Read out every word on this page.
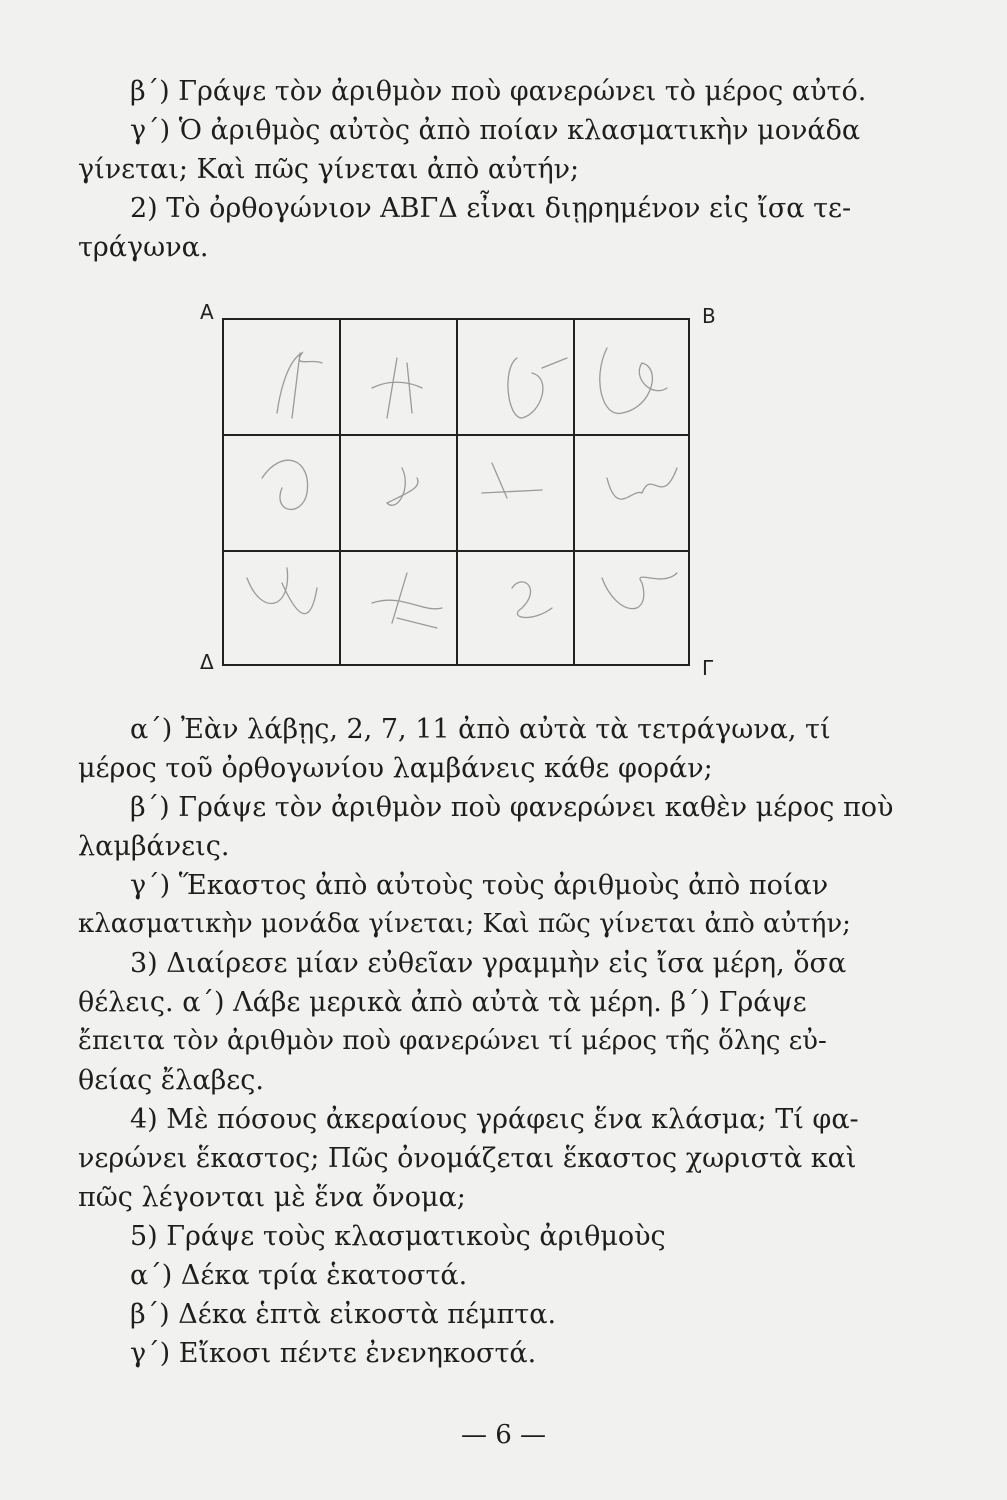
β΄) Γράψε τὸν ἀριθμὸν ποὺ φανερώνει τὸ μέρος αὐτό.
γ΄) Ὁ ἀριθμὸς αὐτὸς ἀπὸ ποίαν κλασματικὴν μονάδα
γίνεται; Καὶ πῶς γίνεται ἀπὸ αὐτήν;
2) Τὸ ὀρθογώνιον ΑΒΓΔ εἶναι διῃρημένον εἰς ἴσα τε-
τράγωνα.
Α	B
Γ
Δ
α΄) Ἐὰν λάβῃς, 2, 7, 11 ἀπὸ αὐτὰ τὰ τετράγωνα, τί
μέρος τοῦ ὀρθογωνίου λαμβάνεις κάθε φοράν;
β΄) Γράψε τὸν ἀριθμὸν ποὺ φανερώνει καθὲν μέρος ποὺ
λαμβάνεις.
γ΄) Ἕκαστος ἀπὸ αὐτοὺς τοὺς ἀριθμοὺς ἀπὸ ποίαν
κλασματικὴν μονάδα γίνεται; Καὶ πῶς γίνεται ἀπὸ αὐτήν;
3) Διαίρεσε μίαν εὐθεῖαν γραμμὴν εἰς ἴσα μέρη, ὅσα
θέλεις. α΄) Λάβε μερικὰ ἀπὸ αὐτὰ τὰ μέρη. β΄) Γράψε
ἔπειτα τὸν ἀριθμὸν ποὺ φανερώνει τί μέρος τῆς ὅλης εὐ-
θείας ἔλαβες.
4) Μὲ πόσους ἀκεραίους γράφεις ἕνα κλάσμα; Τί φα-
νερώνει ἕκαστος; Πῶς ὀνομάζεται ἕκαστος χωριστὰ καὶ
πῶς λέγονται μὲ ἕνα ὄνομα;
5) Γράψε τοὺς κλασματικοὺς ἀριθμοὺς
α΄) Δέκα τρία ἑκατοστά.
β΄) Δέκα ἑπτὰ εἰκοστὰ πέμπτα.
γ΄) Εἴκοσι πέντε ἐνενηκοστά.
— 6 —
